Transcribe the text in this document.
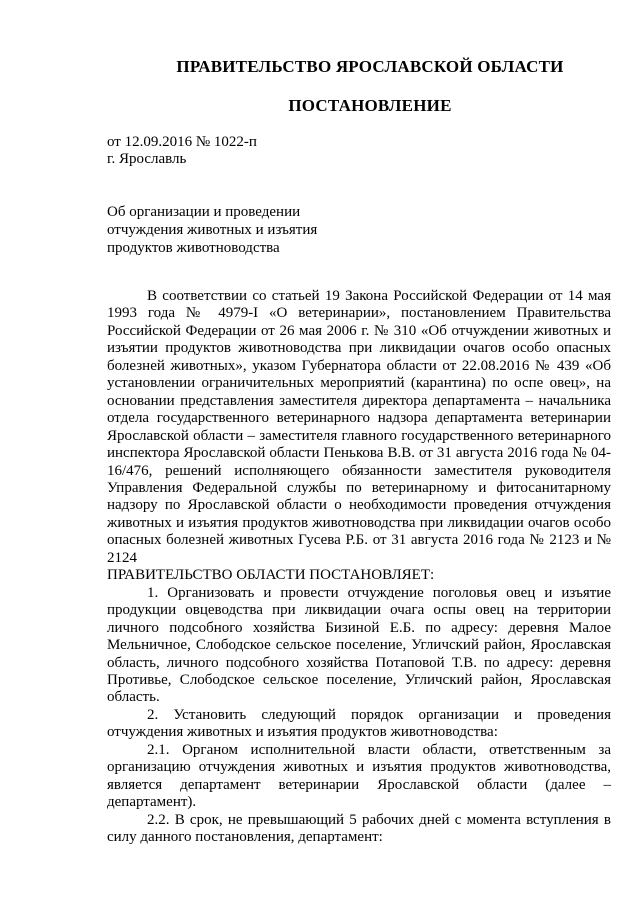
ПРАВИТЕЛЬСТВО ЯРОСЛАВСКОЙ ОБЛАСТИ
ПОСТАНОВЛЕНИЕ
от 12.09.2016 № 1022-п
г. Ярославль
Об организации и проведении
отчуждения животных и изъятия
продуктов животноводства

В соответствии со статьей 19 Закона Российской Федерации от 14 мая 1993 года № 4979-I «О ветеринарии», постановлением Правительства Российской Федерации от 26 мая 2006 г. № 310 «Об отчуждении животных и изъятии продуктов животноводства при ликвидации очагов особо опасных болезней животных», указом Губернатора области от 22.08.2016 № 439 «Об установлении ограничительных мероприятий (карантина) по оспе овец», на основании представления заместителя директора департамента – начальника отдела государственного ветеринарного надзора департамента ветеринарии Ярославской области – заместителя главного государственного ветеринарного инспектора Ярославской области Пенькова В.В. от 31 августа 2016 года № 04-16/476, решений исполняющего обязанности заместителя руководителя Управления Федеральной службы по ветеринарному и фитосанитарному надзору по Ярославской области о необходимости проведения отчуждения животных и изъятия продуктов животноводства при ликвидации очагов особо опасных болезней животных Гусева Р.Б. от 31 августа 2016 года № 2123 и № 2124

ПРАВИТЕЛЬСТВО ОБЛАСТИ ПОСТАНОВЛЯЕТ:

1. Организовать и провести отчуждение поголовья овец и изъятие продукции овцеводства при ликвидации очага оспы овец на территории личного подсобного хозяйства Бизиной Е.Б. по адресу: деревня Малое Мельничное, Слободское сельское поселение, Угличский район, Ярославская область, личного подсобного хозяйства Потаповой Т.В. по адресу: деревня Противье, Слободское сельское поселение, Угличский район, Ярославская область.

2. Установить следующий порядок организации и проведения отчуждения животных и изъятия продуктов животноводства:

2.1. Органом исполнительной власти области, ответственным за организацию отчуждения животных и изъятия продуктов животноводства, является департамент ветеринарии Ярославской области (далее – департамент).

2.2. В срок, не превышающий 5 рабочих дней с момента вступления в силу данного постановления, департамент:
